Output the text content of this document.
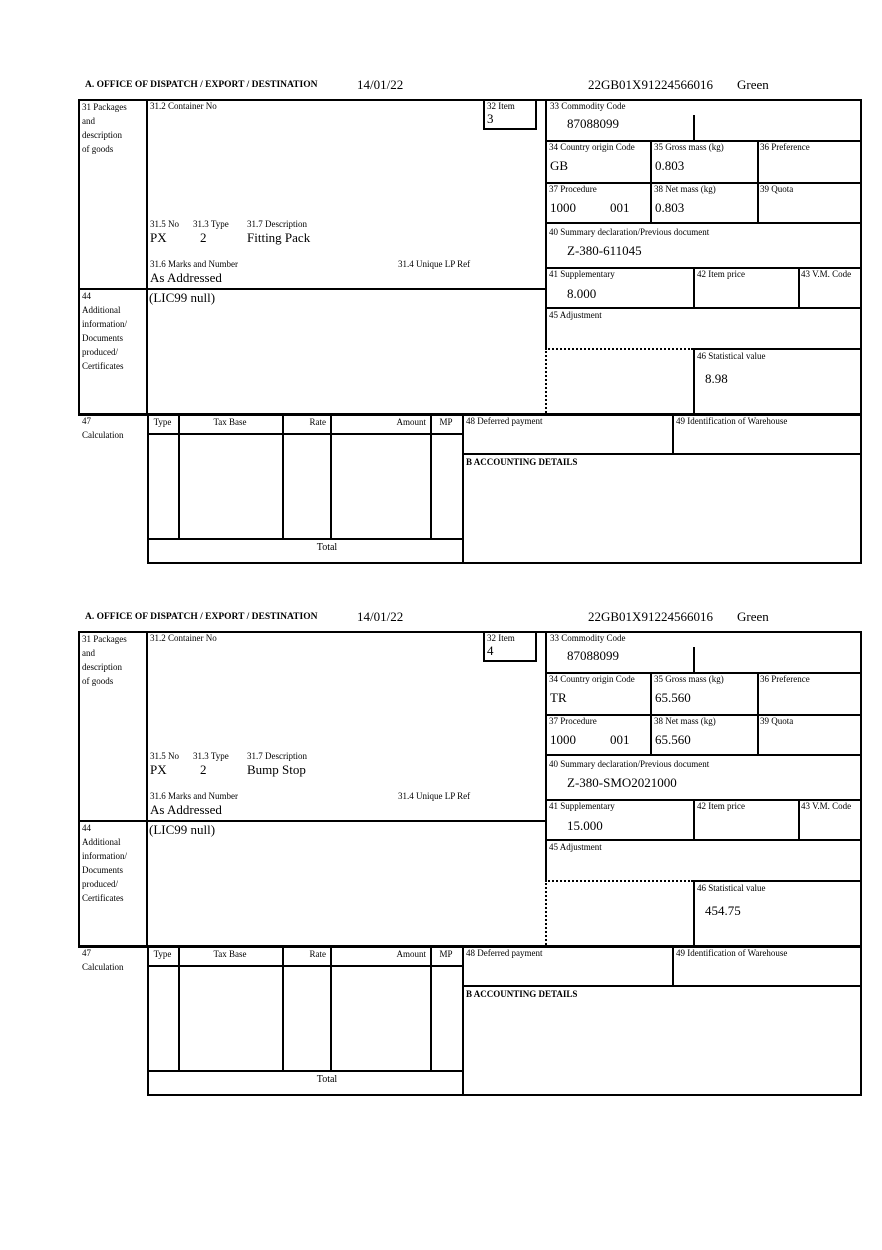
A. OFFICE OF DISPATCH / EXPORT / DESTINATION	14/01/22	22GB01X91224566016 Green
31 Packages
and
description
of goods
31.2 Container No	32 Item
3
33 Commodity Code
87088099
34 Country origin Code
GB
35 Gross mass (kg)
0.803
36 Preference
37 Procedure
1000	001
38 Net mass (kg)
0.803
39 Quota
40 Summary declaration/Previous document
Z-380-611045
41 Supplementary
8.000
42 Item price	43 V.M. Code
45 Adjustment
46 Statistical value
8.98
31.5 No 31.3 Type 31.7 Description
PX	2	Fitting Pack
31.6 Marks and Number	31.4 Unique LP Ref
As Addressed
44
Additional
information/
Documents
produced/
Certificates
(LIC99 null)
47
Calculation
Type	Tax Base	Rate	Amount	MP
Total
48 Deferred payment	49 Identification of Warehouse
B ACCOUNTING DETAILS
A. OFFICE OF DISPATCH / EXPORT / DESTINATION	14/01/22	22GB01X91224566016 Green
31 Packages
and
description
of goods
31.2 Container No	32 Item
4
33 Commodity Code
87088099
34 Country origin Code
TR
35 Gross mass (kg)
65.560
36 Preference
37 Procedure
1000	001
38 Net mass (kg)
65.560
39 Quota
40 Summary declaration/Previous document
Z-380-SMO2021000
41 Supplementary
15.000
42 Item price	43 V.M. Code
45 Adjustment
46 Statistical value
454.75
31.5 No 31.3 Type 31.7 Description
PX	2	Bump Stop
31.6 Marks and Number	31.4 Unique LP Ref
As Addressed
44
Additional
information/
Documents
produced/
Certificates
(LIC99 null)
47
Calculation
Type	Tax Base	Rate	Amount	MP
Total
48 Deferred payment	49 Identification of Warehouse
B ACCOUNTING DETAILS
